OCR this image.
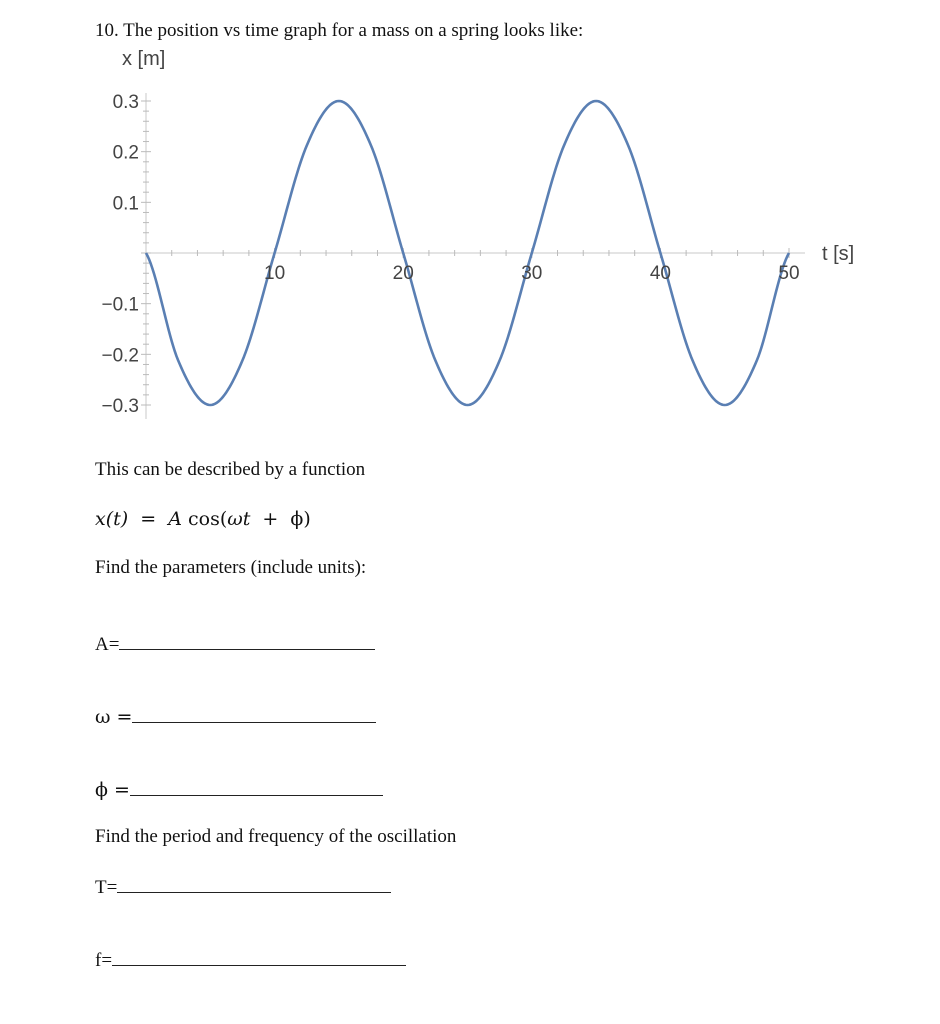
10. The position vs time graph for a mass on a spring looks like:
10	20	30	40	50
0.3
0.2
0.1
−0.1
−0.2
−0.3
x [m]
t [s]
This can be described by a function
x(t) = A cos(ωt + ϕ)
Find the parameters (include units):
A=
ω =
ϕ =
Find the period and frequency of the oscillation
T=
f=
